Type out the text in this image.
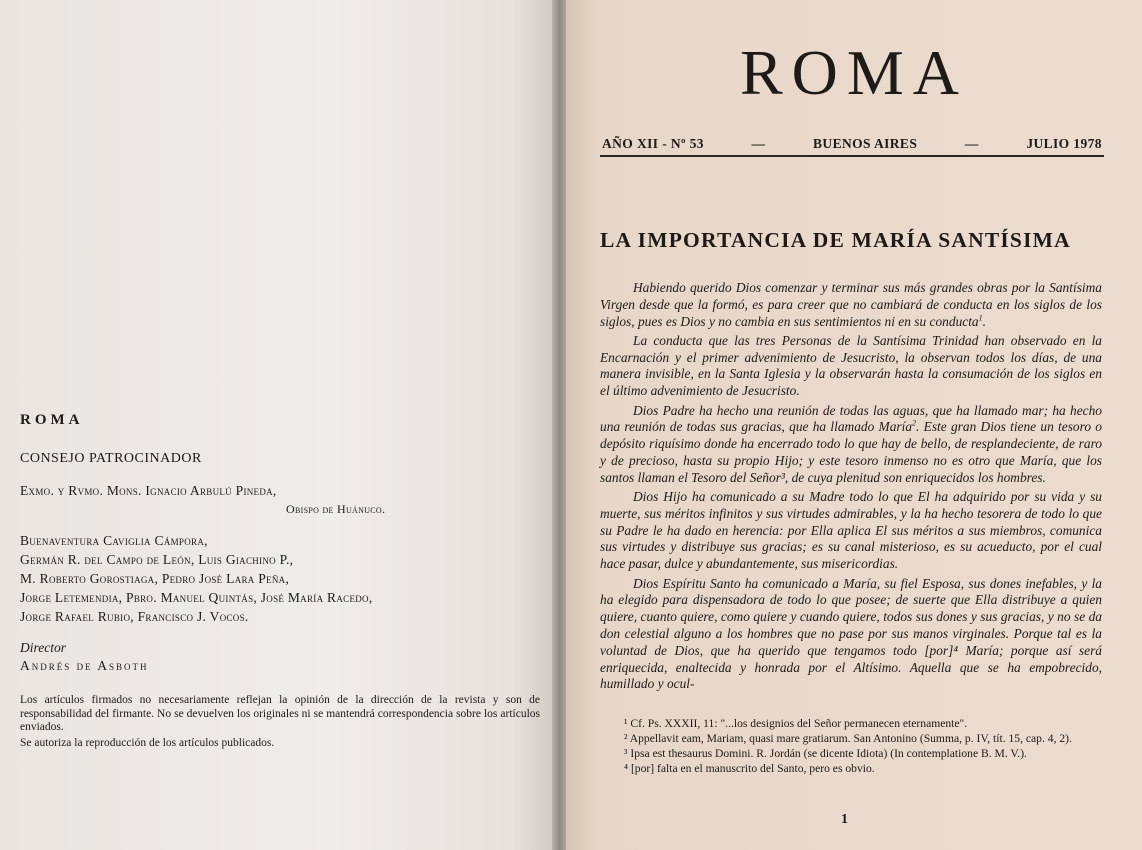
ROMA

CONSEJO PATROCINADOR

Exmo. y Rvmo. Mons. Ignacio Arbulú Pineda,

Obispo de Huánuco.

Buenaventura Caviglia Cámpora,

Germán R. del Campo de León, Luis Giachino P.,

M. Roberto Gorostiaga, Pedro José Lara Peña,

Jorge Letemendia, Pbro. Manuel Quintás, José María Racedo,

Jorge Rafael Rubio, Francisco J. Vocos.

Director

Andrés de Asboth

Los artículos firmados no necesariamente reflejan la opinión de la dirección de la revista y son de responsabilidad del firmante. No se devuelven los originales ni se mantendrá correspondencia sobre los artículos enviados.

Se autoriza la reproducción de los artículos publicados.

ROMA
AÑO XII - Nº 53	—	BUENOS AIRES	—	JULIO 1978
LA IMPORTANCIA DE MARÍA SANTÍSIMA

Habiendo querido Dios comenzar y terminar sus más grandes obras por la Santísima Virgen desde que la formó, es para creer que no cambiará de conducta en los siglos de los siglos, pues es Dios y no cambia en sus sentimientos ni en su conducta$^1$.

La conducta que las tres Personas de la Santísima Trinidad han observado en la Encarnación y el primer advenimiento de Jesucristo, la observan todos los días, de una manera invisible, en la Santa Iglesia y la observarán hasta la consumación de los siglos en el último advenimiento de Jesucristo.

Dios Padre ha hecho una reunión de todas las aguas, que ha llamado mar; ha hecho una reunión de todas sus gracias, que ha llamado María$^2$. Este gran Dios tiene un tesoro o depósito riquísimo donde ha encerrado todo lo que hay de bello, de resplandeciente, de raro y de precioso, hasta su propio Hijo; y este tesoro inmenso no es otro que María, que los santos llaman el Tesoro del Señor³, de cuya plenitud son enriquecidos los hombres.

Dios Hijo ha comunicado a su Madre todo lo que El ha adquirido por su vida y su muerte, sus méritos infinitos y sus virtudes admirables, y la ha hecho tesorera de todo lo que su Padre le ha dado en herencia: por Ella aplica El sus méritos a sus miembros, comunica sus virtudes y distribuye sus gracias; es su canal misterioso, es su acueducto, por el cual hace pasar, dulce y abundantemente, sus misericordias.

Dios Espíritu Santo ha comunicado a María, su fiel Esposa, sus dones inefables, y la ha elegido para dispensadora de todo lo que posee; de suerte que Ella distribuye a quien quiere, cuanto quiere, como quiere y cuando quiere, todos sus dones y sus gracias, y no se da don celestial alguno a los hombres que no pase por sus manos virginales. Porque tal es la voluntad de Dios, que ha querido que tengamos todo [por]⁴ María; porque así será enriquecida, enaltecida y honrada por el Altísimo. Aquella que se ha empobrecido, humillado y ocul-

¹ Cf. Ps. XXXII, 11: "...los designios del Señor permanecen eternamente".

² Appellavit eam, Mariam, quasi mare gratiarum. San Antonino (Summa, p. IV, tít. 15, cap. 4, 2).

³ Ipsa est thesaurus Domini. R. Jordán (se dicente Idiota) (In contemplatione B. M. V.).

⁴ [por] falta en el manuscrito del Santo, pero es obvio.

1
